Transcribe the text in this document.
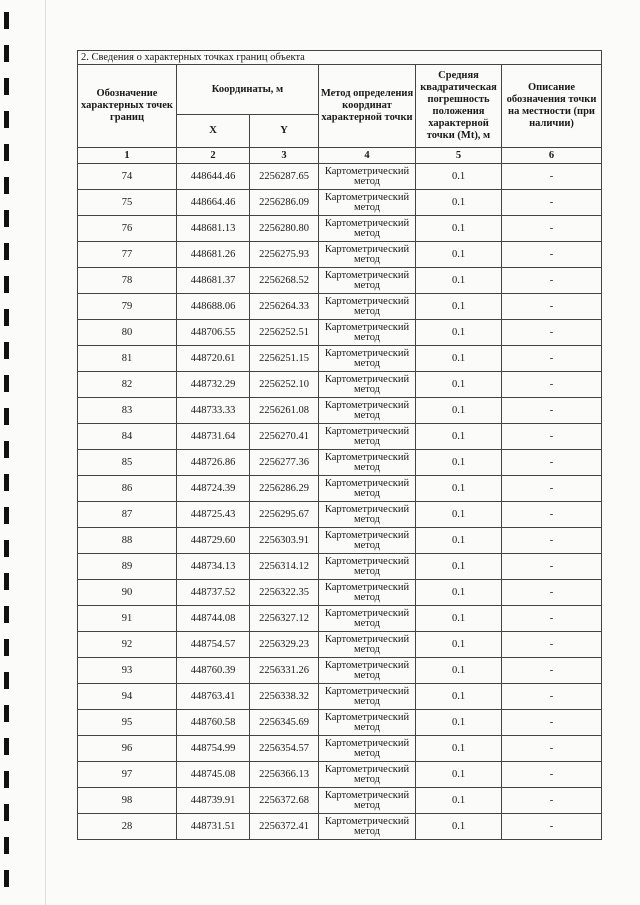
2. Сведения о характерных точках границ объекта					
Обозначение характерных точек границ	Координаты, м		Метод определения координат характерной точки	Средняя квадратическая погрешность положения характерной точки (Mt), м	Описание обозначения точки на местности (при наличии)
	X	Y			
1	2	3	4	5	6
74	448644.46	2256287.65	Картометрический метод	0.1	-
75	448664.46	2256286.09	Картометрический метод	0.1	-
76	448681.13	2256280.80	Картометрический метод	0.1	-
77	448681.26	2256275.93	Картометрический метод	0.1	-
78	448681.37	2256268.52	Картометрический метод	0.1	-
79	448688.06	2256264.33	Картометрический метод	0.1	-
80	448706.55	2256252.51	Картометрический метод	0.1	-
81	448720.61	2256251.15	Картометрический метод	0.1	-
82	448732.29	2256252.10	Картометрический метод	0.1	-
83	448733.33	2256261.08	Картометрический метод	0.1	-
84	448731.64	2256270.41	Картометрический метод	0.1	-
85	448726.86	2256277.36	Картометрический метод	0.1	-
86	448724.39	2256286.29	Картометрический метод	0.1	-
87	448725.43	2256295.67	Картометрический метод	0.1	-
88	448729.60	2256303.91	Картометрический метод	0.1	-
89	448734.13	2256314.12	Картометрический метод	0.1	-
90	448737.52	2256322.35	Картометрический метод	0.1	-
91	448744.08	2256327.12	Картометрический метод	0.1	-
92	448754.57	2256329.23	Картометрический метод	0.1	-
93	448760.39	2256331.26	Картометрический метод	0.1	-
94	448763.41	2256338.32	Картометрический метод	0.1	-
95	448760.58	2256345.69	Картометрический метод	0.1	-
96	448754.99	2256354.57	Картометрический метод	0.1	-
97	448745.08	2256366.13	Картометрический метод	0.1	-
98	448739.91	2256372.68	Картометрический метод	0.1	-
28	448731.51	2256372.41	Картометрический метод	0.1	-
